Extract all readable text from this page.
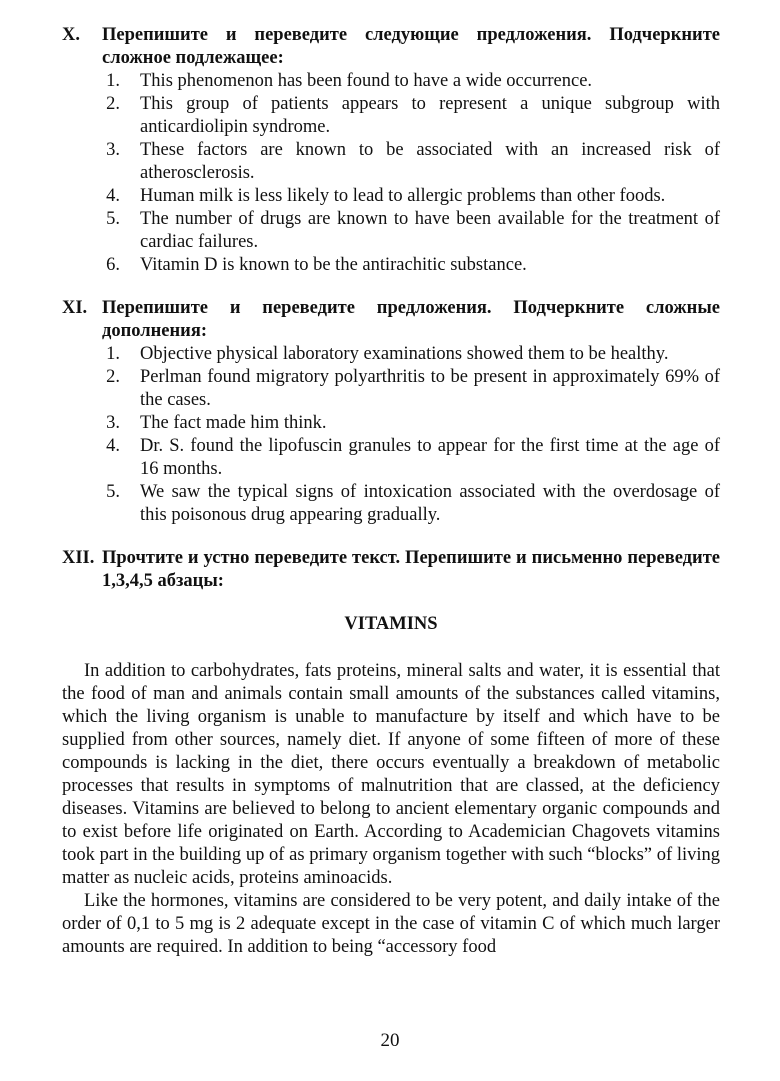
X.	Перепишите и переведите следующие предложения. Подчеркните сложное подлежащее:
1.	This phenomenon has been found to have a wide occurrence.
2.	This group of patients appears to represent a unique subgroup with anticardiolipin syndrome.
3.	These factors are known to be associated with an increased risk of atherosclerosis.
4.	Human milk is less likely to lead to allergic problems than other foods.
5.	The number of drugs are known to have been available for the treatment of cardiac failures.
6.	Vitamin D is known to be the antirachitic substance.
XI. Перепишите и переведите предложения. Подчеркните сложные дополнения:
1.	Objective physical laboratory examinations showed them to be healthy.
2.	Perlman found migratory polyarthritis to be present in approximately 69% of the cases.
3.	The fact made him think.
4.	Dr. S. found the lipofuscin granules to appear for the first time at the age of 16 months.
5.	We saw the typical signs of intoxication associated with the overdosage of this poisonous drug appearing gradually.
XII. Прочтите и устно переведите текст. Перепишите и письменно переведите 1,3,4,5 абзацы:
VITAMINS

In addition to carbohydrates, fats proteins, mineral salts and water, it is essential that the food of man and animals contain small amounts of the substances called vitamins, which the living organism is unable to manufacture by itself and which have to be supplied from other sources, namely diet. If anyone of some fifteen of more of these compounds is lacking in the diet, there occurs eventually a breakdown of metabolic processes that results in symptoms of malnutrition that are classed, at the deficiency diseases. Vitamins are believed to belong to ancient elementary organic compounds and to exist before life originated on Earth. According to Academician Chagovets vitamins took part in the building up of as primary organism together with such “blocks” of living matter as nucleic acids, proteins aminoacids.

Like the hormones, vitamins are considered to be very potent, and daily intake of the order of 0,1 to 5 mg is 2 adequate except in the case of vitamin C of which much larger amounts are required. In addition to being “accessory food

20
